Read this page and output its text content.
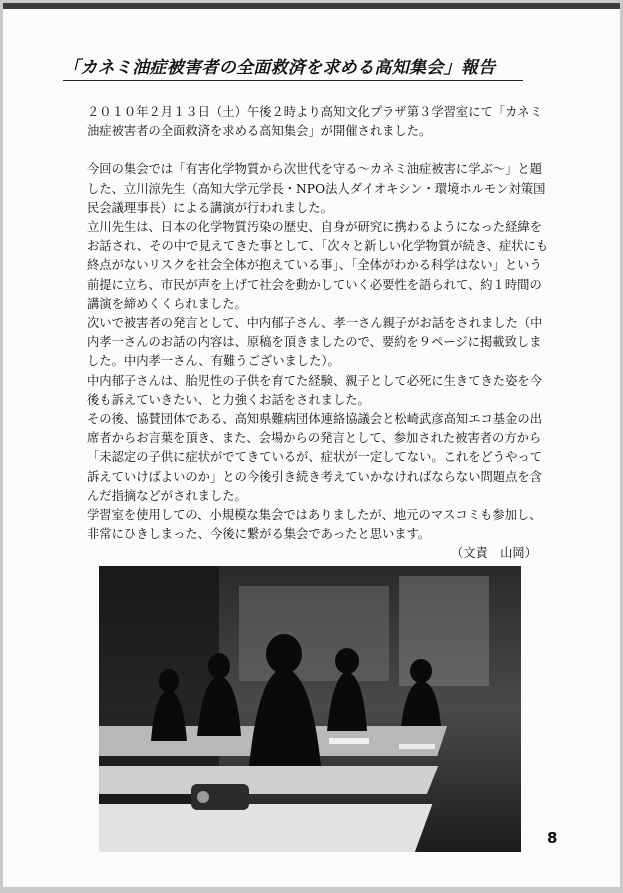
「カネミ油症被害者の全面救済を求める高知集会」報告

２０１０年２月１３日（土）午後２時より高知文化プラザ第３学習室にて「カネミ油症被害者の全面救済を求める高知集会」が開催されました。

今回の集会では「有害化学物質から次世代を守る～カネミ油症被害に学ぶ～」と題した、立川涼先生（高知大学元学長・NPO法人ダイオキシン・環境ホルモン対策国民会議理事長）による講演が行われました。

立川先生は、日本の化学物質汚染の歴史、自身が研究に携わるようになった経緯をお話され、その中で見えてきた事として、「次々と新しい化学物質が続き、症状にも終点がないリスクを社会全体が抱えている事」、「全体がわかる科学はない」という前提に立ち、市民が声を上げて社会を動かしていく必要性を語られて、約１時間の講演を締めくくられました。

次いで被害者の発言として、中内郁子さん、孝一さん親子がお話をされました（中内孝一さんのお話の内容は、原稿を頂きましたので、要約を９ページに掲載致しました。中内孝一さん、有難うございました）。

中内郁子さんは、胎児性の子供を育てた経験、親子として必死に生きてきた姿を今後も訴えていきたい、と力強くお話をされました。

その後、協賛団体である、高知県難病団体連絡協議会と松崎武彦高知エコ基金の出席者からお言葉を頂き、また、会場からの発言として、参加された被害者の方から「未認定の子供に症状がでてきているが、症状が一定してない。これをどうやって訴えていけばよいのか」との今後引き続き考えていかなければならない問題点を含んだ指摘などがされました。

学習室を使用しての、小規模な集会ではありましたが、地元のマスコミも参加し、非常にひきしまった、今後に繋がる集会であったと思います。

（文責　山岡）

8
